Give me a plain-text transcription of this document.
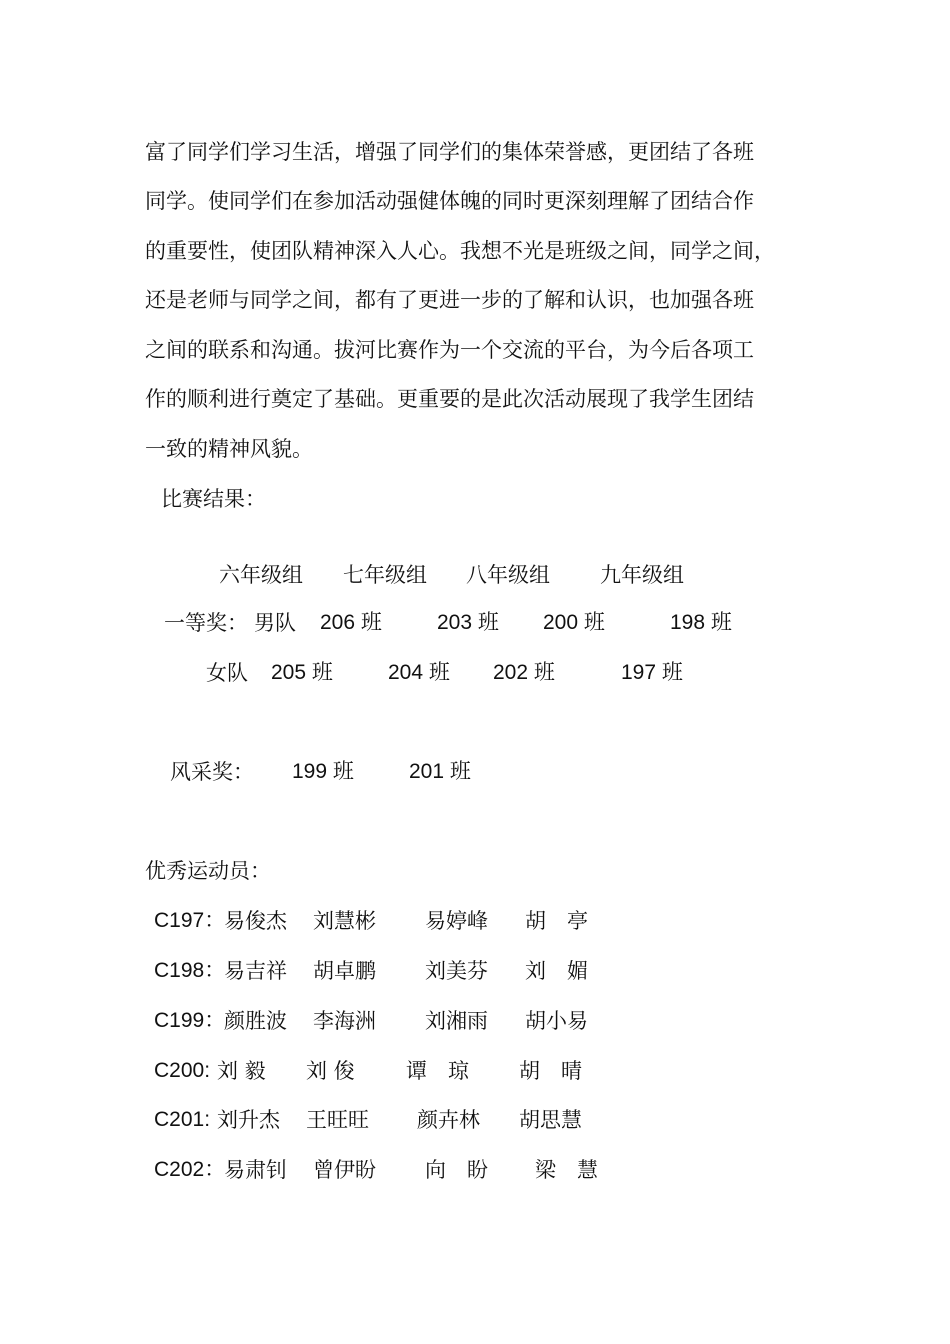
富了同学们学习生活，增强了同学们的集体荣誉感，更团结了各班
同学。使同学们在参加活动强健体魄的同时更深刻理解了团结合作
的重要性，使团队精神深入人心。我想不光是班级之间，同学之间，
还是老师与同学之间，都有了更进一步的了解和认识，也加强各班
之间的联系和沟通。拔河比赛作为一个交流的平台，为今后各项工
作的顺利进行奠定了基础。更重要的是此次活动展现了我学生团结
一致的精神风貌。
比赛结果：
六年级组 七年级组 八年级组 九年级组
一等奖： 男队 206 班	203 班 200 班	198 班
女队 205 班	204 班 202 班	197 班
风采奖： 199 班	201 班
优秀运动员：
C197：
易俊杰 刘慧彬 易婷峰 胡　亭
C198：
易吉祥 胡卓鹏 刘美芬 刘　媚
C199：
颜胜波 李海洲 刘湘雨 胡小易
C200: 刘 毅 刘 俊 谭　琼 胡　晴
C201: 刘升杰 王旺旺 颜卉林 胡思慧
C202：
易肃钊 曾伊盼 向　盼 梁　慧
